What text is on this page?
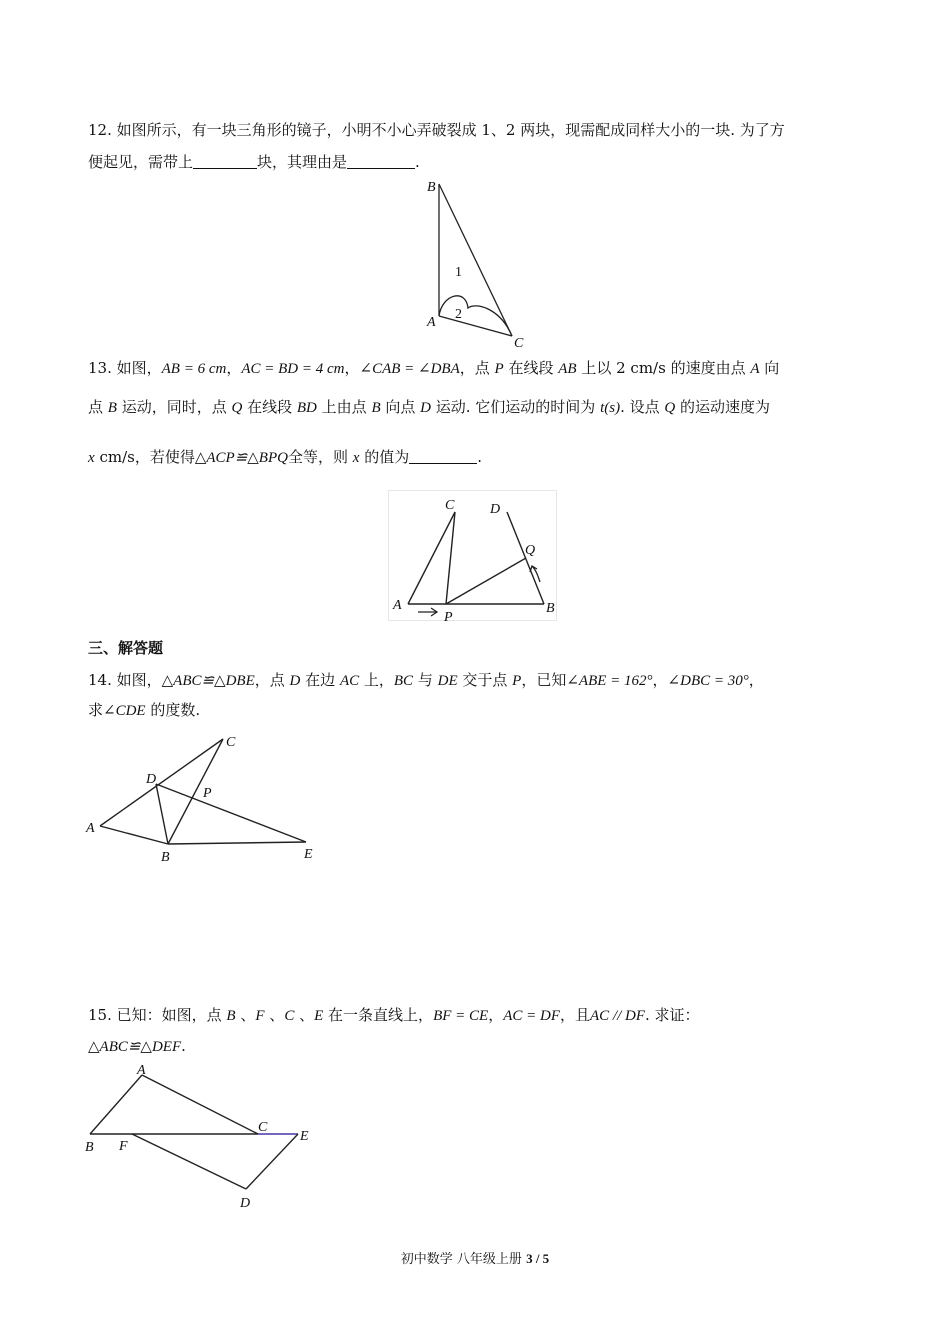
12. 如图所示，有一块三角形的镜子，小明不小心弄破裂成 1、2 两块，现需配成同样大小的一块. 为了方
便起见，需带上	块，其理由是	.
B
A
C
1
2
13. 如图，AB = 6 cm，AC = BD = 4 cm，∠CAB = ∠DBA，点 P 在线段 AB 上以 2 cm/s 的速度由点 A 向
点 B 运动，同时，点 Q 在线段 BD 上由点 B 向点 D 运动. 它们运动的时间为 t(s). 设点 Q 的运动速度为
x cm/s，若使得△ACP≌△BPQ全等，则 x 的值为	.
C	D
Q
A	B
P
三、解答题
14. 如图，△ABC≌△DBE，点 D 在边 AC 上，BC 与 DE 交于点 P，已知∠ABE = 162°，∠DBC = 30°，
求∠CDE 的度数.
C
D
P
A
B	E
15. 已知：如图，点 B 、F 、C 、E 在一条直线上，BF = CE，AC = DF，且AC // DF. 求证：
△ABC≌△DEF.
A
C
E
B F
D
初中数学 八年级上册 3 / 5
